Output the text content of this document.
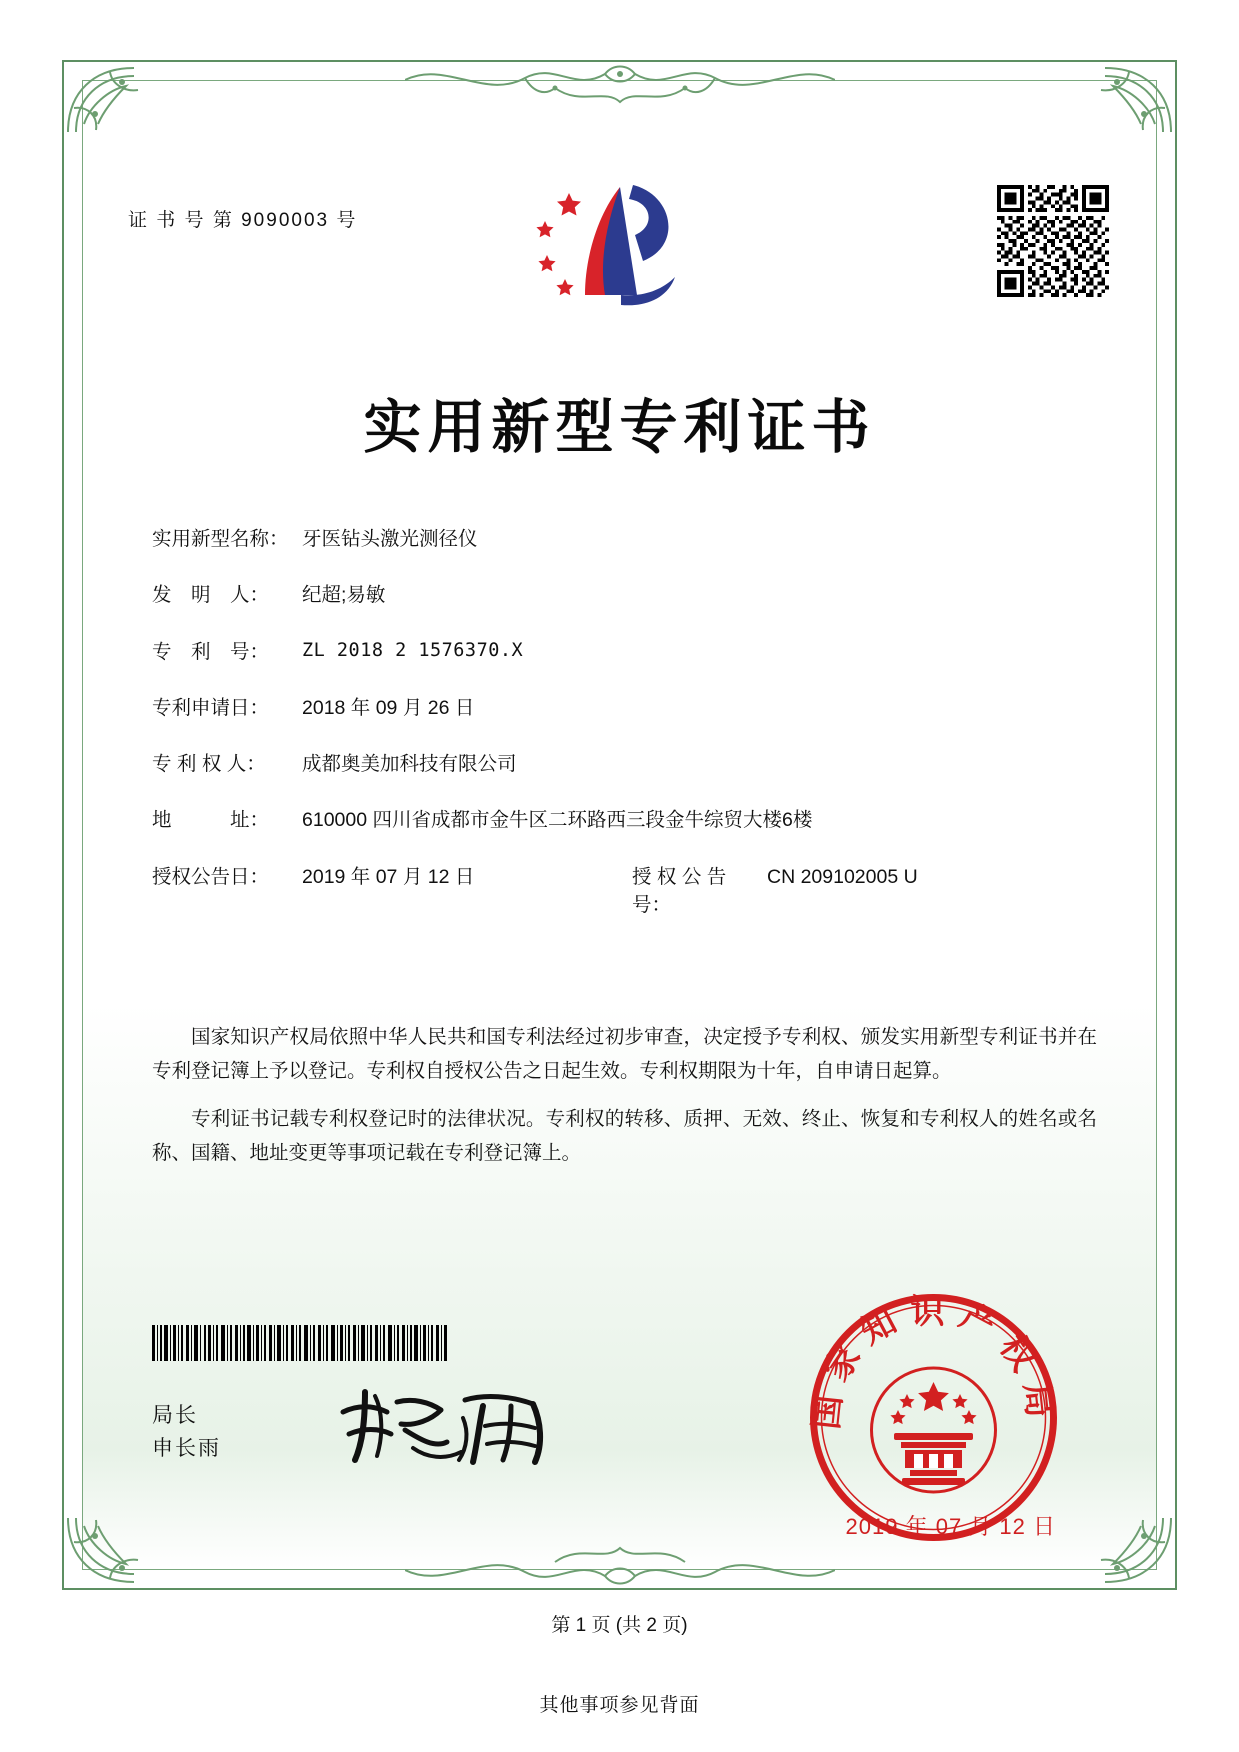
证 书 号 第 9090003 号
实用新型专利证书
实用新型名称： 牙医钻头激光测径仪
发　明　人：	纪超;易敏
专　利　号：	ZL 2018 2 1576370.X
专利申请日：	2018 年 09 月 26 日
专 利 权 人：	成都奥美加科技有限公司
地　　　址：	610000 四川省成都市金牛区二环路西三段金牛综贸大楼6楼
授权公告日：	2019 年 07 月 12 日	授 权 公 告 号：
CN 209102005 U

国家知识产权局依照中华人民共和国专利法经过初步审查，决定授予专利权、颁发实用新型专利证书并在专利登记簿上予以登记。专利权自授权公告之日起生效。专利权期限为十年，自申请日起算。

专利证书记载专利权登记时的法律状况。专利权的转移、质押、无效、终止、恢复和专利权人的姓名或名称、国籍、地址变更等事项记载在专利登记簿上。

局长
申长雨
国家知识产权局
2019 年 07 月 12 日
第 1 页 (共 2 页)
其他事项参见背面
